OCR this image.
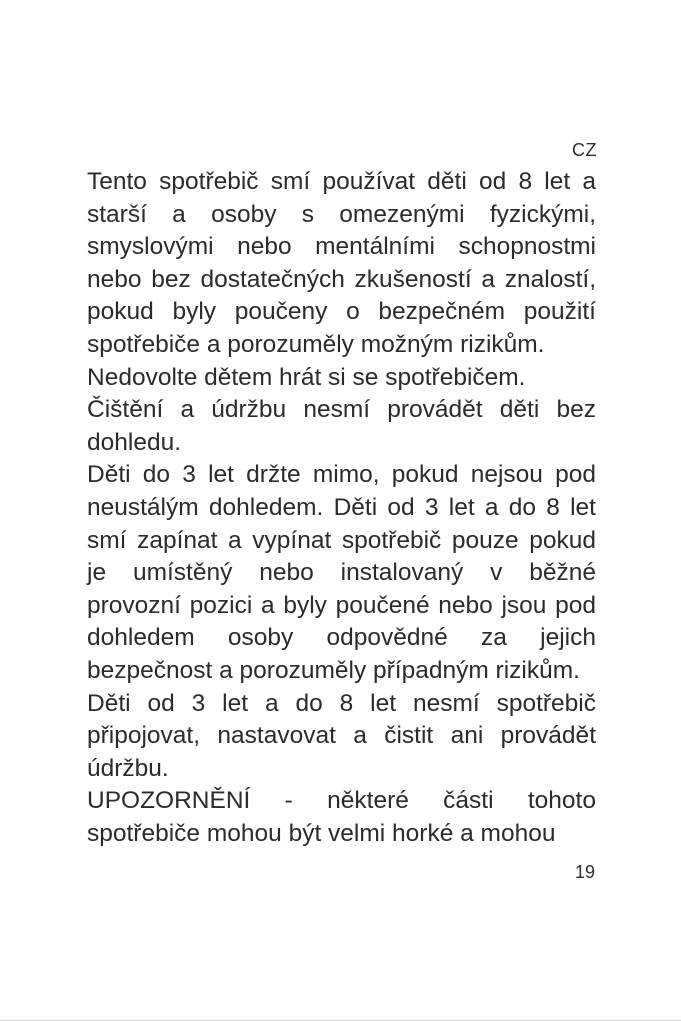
CZ

Tento spotřebič smí používat děti od 8 let a starší a osoby s omezenými fyzickými, smyslovými nebo mentálními schopnostmi nebo bez dostatečných zkušeností a znalostí, pokud byly poučeny o bezpečném použití spotřebiče a porozuměly možným rizikům.

Nedovolte dětem hrát si se spotřebičem.

Čištění a údržbu nesmí provádět děti bez dohledu.

Děti do 3 let držte mimo, pokud nejsou pod neustálým dohledem. Děti od 3 let a do 8 let smí zapínat a vypínat spotřebič pouze pokud je umístěný nebo instalovaný v běžné provozní pozici a byly poučené nebo jsou pod dohledem osoby odpovědné za jejich bezpečnost a porozuměly případným rizikům.

Děti od 3 let a do 8 let nesmí spotřebič připojovat, nastavovat a čistit ani provádět údržbu.

UPOZORNĚNÍ - některé části tohoto spotřebiče mohou být velmi horké a mohou

19
